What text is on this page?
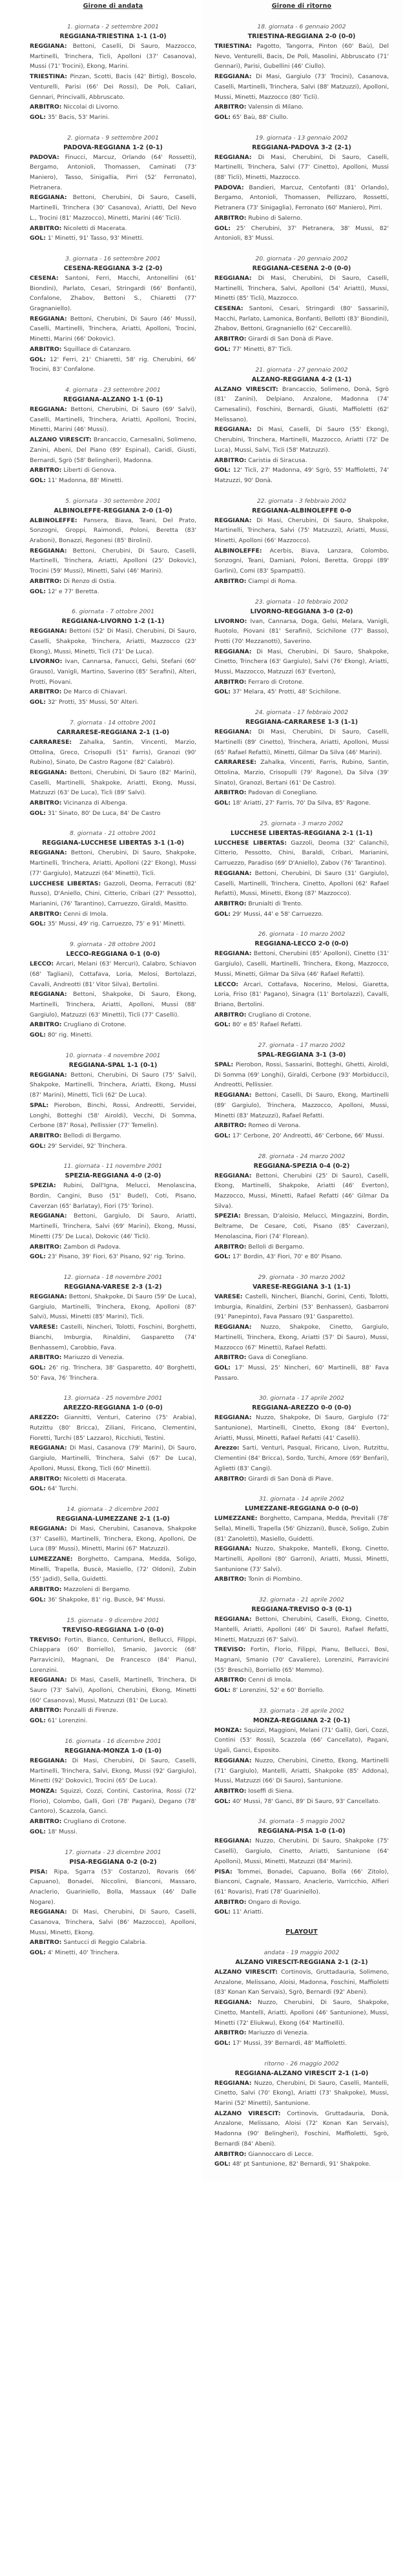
Girone di andata
1. giornata - 2 settembre 2001
REGGIANA-TRIESTINA 1-1 (1-0)
REGGIANA: Bettoni, Caselli, Di Sauro, Mazzocco, Martinelli, Trinchera, Ticli, Apolloni (37' Casanova), Mussi (71' Trocini), Ekong, Marini.
TRIESTINA: Pinzan, Scotti, Bacis (42' Birtig), Boscolo, Venturelli, Parisi (66' Dei Rossi), De Poli, Caliari, Gennari, Princivalli, Abbruscato.
ARBITRO: Niccolai di Livorno.
GOL: 35' Bacis, 53' Marini.
2. giornata - 9 settembre 2001
PADOVA-REGGIANA 1-2 (0-1)
PADOVA: Finucci, Marcuz, Orlando (64' Rossetti), Bergamo, Antonioli, Thomassen, Caminati (73' Maniero), Tasso, Sinigallia, Pirri (52' Ferronato), Pietranera.
REGGIANA: Bettoni, Cherubini, Di Sauro, Caselli, Martinelli, Trinchera (30' Casanova), Ariatti, Del Nevo L., Trocini (81' Mazzocco), Minetti, Marini (46' Ticli).
ARBITRO: Nicoletti di Macerata.
GOL: 1' Minetti, 91' Tasso, 93' Minetti.
3. giornata - 16 settembre 2001
CESENA-REGGIANA 3-2 (2-0)
CESENA: Santoni, Ferri, Macchi, Antonellini (61' Biondini), Parlato, Cesari, Stringardi (66' Bonfanti), Confalone, Zhabov, Bettoni S., Chiaretti (77' Gragnaniello).
REGGIANA: Bettoni, Cherubini, Di Sauro (46' Mussi), Caselli, Martinelli, Trinchera, Ariatti, Apolloni, Trocini, Minetti, Marini (66' Dokovic).
ARBITRO: Squillace di Catanzaro.
GOL: 12' Ferri, 21' Chiaretti, 58' rig. Cherubini, 66' Trocini, 83' Confalone.
4. giornata - 23 settembre 2001
REGGIANA-ALZANO 1-1 (0-1)
REGGIANA: Bettoni, Cherubini, Di Sauro (69' Salvi), Caselli, Martinelli, Trinchera, Ariatti, Apolloni, Trocini, Minetti, Marini (46' Mussi).
ALZANO VIRESCIT: Brancaccio, Carnesalini, Solimeno, Zanini, Abeni, Del Piano (89' Espinal), Caridi, Giusti, Bernardi, Sgrò (58' Belingheri), Madonna.
ARBITRO: Liberti di Genova.
GOL: 11' Madonna, 88' Minetti.
5. giornata - 30 settembre 2001
ALBINOLEFFE-REGGIANA 2-0 (1-0)
ALBINOLEFFE: Pansera, Biava, Teani, Del Prato, Sonzogni, Groppi, Raimondi, Poloni, Beretta (83' Araboni), Bonazzi, Regonesi (85' Birolini).
REGGIANA: Bettoni, Cherubini, Di Sauro, Caselli, Martinelli, Trinchera, Ariatti, Apolloni (25' Dokovic), Trocini (59' Mussi), Minetti, Salvi (46' Marini).
ARBITRO: Di Renzo di Ostia.
GOL: 12' e 77' Beretta.
6. giornata - 7 ottobre 2001
REGGIANA-LIVORNO 1-2 (1-1)
REGGIANA: Bettoni (52' Di Masi), Cherubini, Di Sauro, Caselli, Shakpoke, Trinchera, Ariatti, Mazzocco (23' Ekong), Mussi, Minetti, Ticli (71' De Luca).
LIVORNO: Ivan, Cannarsa, Fanucci, Gelsi, Stefani (60' Grauso), Vanigli, Martino, Saverino (85' Serafini), Alteri, Protti, Piovani.
ARBITRO: De Marco di Chiavari.
GOL: 32' Protti, 35' Mussi, 50' Alteri.
7. giornata - 14 ottobre 2001
CARRARESE-REGGIANA 2-1 (1-0)
CARRARESE: Zahalka, Santin, Vincenti, Marzio, Ottolina, Greco, Crisopulli (51' Farris), Granozi (90' Rubino), Sinato, De Castro Ragone (82' Calabrò).
REGGIANA: Bettoni, Cherubini, Di Sauro (82' Marini), Caselli, Martinelli, Shakpoke, Ariatti, Ekong, Mussi, Matzuzzi (63' De Luca), Ticli (89' Salvi).
ARBITRO: Vicinanza di Albenga.
GOL: 31' Sinato, 80' De Luca, 84' De Castro
8. giornata - 21 ottobre 2001
REGGIANA-LUCCHESE LIBERTAS 3-1 (1-0)
REGGIANA: Bettoni, Cherubini, Di Sauro, Shakpoke, Martinelli, Trinchera, Ariatti, Apolloni (22' Ekong), Mussi (77' Gargiulo), Matzuzzi (64' Minetti), Ticli.
LUCCHESE LIBERTAS: Gazzoli, Deoma, Ferracuti (82' Russo), D'Aniello, Chini, Citterio, Cribari (27' Pessotto), Marianini, (76' Tarantino), Carruezzo, Giraldi, Masitto.
ARBITRO: Cenni di Imola.
GOL: 35' Mussi, 49' rig. Carruezzo, 75' e 91' Minetti.
9. giornata - 28 ottobre 2001
LECCO-REGGIANA 0-1 (0-0)
LECCO: Arcari, Melani (63' Mercuri), Calabro, Schiavon (68' Tagliani), Cottafava, Loria, Melosi, Bortolazzi, Cavalli, Andreotti (81' Vitor Silva), Bertolini.
REGGIANA: Bettoni, Shakpoke, Di Sauro, Ekong, Martinelli, Trinchera, Ariatti, Apolloni, Mussi (88' Gargiulo), Matzuzzi (63' Minetti), Ticli (77' Caselli).
ARBITRO: Crugliano di Crotone.
GOL: 80' rig. Minetti.
10. giornata - 4 novembre 2001
REGGIANA-SPAL 1-1 (0-1)
REGGIANA: Bettoni, Cherubini, Di Sauro (75' Salvi), Shakpoke, Martinelli, Trinchera, Ariatti, Ekong, Mussi (87' Marini), Minetti, Ticli (62' De Luca).
SPAL: Pierobon, Binchi, Rossi, Andreotti, Servidei, Longhi, Botteghi (58' Airoldi), Vecchi, Di Somma, Cerbone (87' Rosa), Pellissier (77' Temelin).
ARBITRO: Bellodi di Bergamo.
GOL: 29' Servidei, 92' Trinchera.
11. giornata - 11 novembre 2001
SPEZIA-REGGIANA 4-0 (2-0)
SPEZIA: Rubini, Dall'Igna, Melucci, Menolascina, Bordin, Cangini, Buso (51' Budel), Coti, Pisano, Caverzan (65' Barlatay), Fiori (75' Torino).
REGGIANA: Bettoni, Gargiulo, Di Sauro, Ariatti, Martinelli, Trinchera, Salvi (69' Marini), Ekong, Mussi, Minetti (75' De Luca), Dokovic (46' Ticli).
ARBITRO: Zambon di Padova.
GOL: 23' Pisano, 39' Fiori, 63' Pisano, 92' rig. Torino.
12. giornata - 18 novembre 2001
REGGIANA-VARESE 2-3 (1-2)
REGGIANA: Bettoni, Shakpoke, Di Sauro (59' De Luca), Gargiulo, Martinelli, Trinchera, Ekong, Apolloni (87' Salvi), Mussi, Minetti (85' Marini), Ticli.
VARESE: Castelli, Nincheri, Tolotti, Foschini, Borghetti, Bianchi, Imburgia, Rinaldini, Gasparetto (74' Benhassem), Carobbio, Fava.
ARBITRO: Mariuzzo di Venezia.
GOL: 26' rig. Trinchera, 38' Gasparetto, 40' Borghetti, 50' Fava, 76' Trinchera.
13. giornata - 25 novembre 2001
AREZZO-REGGIANA 1-0 (0-0)
AREZZO: Giannitti, Venturi, Caterino (75' Arabia), Rutzittu (80' Bricca), Ziliani, Firicano, Clementini, Fioretti, Turchi (85' Lazzaro), Ricchiuti, Testini.
REGGIANA: Di Masi, Casanova (79' Marini), Di Sauro, Gargiulo, Martinelli, Trinchera, Salvi (67' De Luca), Apolloni, Mussi, Ekong, Ticli (60' Minetti).
ARBITRO: Nicoletti di Macerata.
GOL: 64' Turchi.
14. giornata - 2 dicembre 2001
REGGIANA-LUMEZZANE 2-1 (1-0)
REGGIANA: Di Masi, Cherubini, Casanova, Shakpoke (37' Caselli), Martinelli, Trinchera, Ekong, Apolloni, De Luca (89' Mussi), Minetti, Marini (67' Matzuzzi).
LUMEZZANE: Borghetto, Campana, Medda, Soligo, Minelli, Trapella, Buscè, Masiello, (72' Oldoni), Zubin (55' Jadid), Sella, Guidetti.
ARBITRO: Mazzoleni di Bergamo.
GOL: 36' Shakpoke, 81' rig. Buscè, 94' Mussi.
15. giornata - 9 dicembre 2001
TREVISO-REGGIANA 1-0 (0-0)
TREVISO: Fortin, Bianco, Centurioni, Bellucci, Filippi, Chiappara (60' Borriello), Smanio, Javorcic (68' Parravicini), Magnani, De Francesco (84' Pianu), Lorenzini.
REGGIANA: Di Masi, Caselli, Martinelli, Trinchera, Di Sauro (73' Salvi), Apolloni, Cherubini, Ekong, Minetti (60' Casanova), Mussi, Matzuzzi (81' De Luca).
ARBITRO: Ponzalli di Firenze.
GOL: 61' Lorenzini.
16. giornata - 16 dicembre 2001
REGGIANA-MONZA 1-0 (1-0)
REGGIANA: Di Masi, Cherubini, Di Sauro, Caselli, Martinelli, Trinchera, Salvi, Ekong, Mussi (92' Gargiulo), Minetti (92' Dokovic), Trocini (65' De Luca).
MONZA: Squizzi, Cozzi, Contini, Castorina, Rossi (72' Florio), Colombo, Galli, Gori (78' Pagani), Degano (78' Cantoro), Scazzola, Ganci.
ARBITRO: Crugliano di Crotone.
GOL: 18' Mussi.
17. giornata - 23 dicembre 2001
PISA-REGGIANA 0-2 (0-2)
PISA: Ripa, Sgarra (53' Costanzo), Rovaris (66' Capuano), Bonadei, Niccolini, Bianconi, Massaro, Anaclerio, Guariniello, Bolla, Massaux (46' Dalle Nogare).
REGGIANA: Di Masi, Cherubini, Di Sauro, Caselli, Casanova, Trinchera, Salvi (86' Mazzocco), Apolloni, Mussi, Minetti, Ekong.
ARBITRO: Santucci di Reggio Calabria.
GOL: 4' Minetti, 40' Trinchera.
Girone di ritorno
18. giornata - 6 gennaio 2002
TRIESTINA-REGGIANA 2-0 (0-0)
TRIESTINA: Pagotto, Tangorra, Pinton (60' Baù), Del Nevo, Venturelli, Bacis, De Poli, Masolini, Abbruscato (71' Gennari), Parisi, Gubellini (46' Ciullo).
REGGIANA: Di Masi, Gargiulo (73' Trocini), Casanova, Caselli, Martinelli, Trinchera, Salvi (88' Matzuzzi), Apolloni, Mussi, Minetti, Mazzocco (80' Ticli).
ARBITRO: Valensin di Milano.
GOL: 65' Baù, 88' Ciullo.
19. giornata - 13 gennaio 2002
REGGIANA-PADOVA 3-2 (2-1)
REGGIANA: Di Masi, Cherubini, Di Sauro, Caselli, Martinelli, Trinchera, Salvi (77' Cinetto), Apolloni, Mussi (88' Ticli), Minetti, Mazzocco.
PADOVA: Bandieri, Marcuz, Centofanti (81' Orlando), Bergamo, Antonioli, Thomassen, Pellizzaro, Rossetti, Pietranera (73' Sinigaglia), Ferronato (60' Maniero), Pirri.
ARBITRO: Rubino di Salerno.
GOL: 25' Cherubini, 37' Pietranera, 38' Mussi, 82' Antonioli, 83' Mussi.
20. giornata - 20 gennaio 2002
REGGIANA-CESENA 2-0 (0-0)
REGGIANA: Di Masi, Cherubini, Di Sauro, Caselli, Martinelli, Trinchera, Salvi, Apolloni (54' Ariatti), Mussi, Minetti (85' Ticli), Mazzocco.
CESENA: Santoni, Cesari, Stringardi (80' Sassarini), Macchi, Parlato, Lamonica, Bonfanti, Bellotti (83' Biondini), Zhabov, Bettoni, Gragnaniello (62' Ceccarelli).
ARBITRO: Girardi di San Donà di Piave.
GOL: 77' Minetti, 87' Ticli.
21. giornata - 27 gennaio 2002
ALZANO-REGGIANA 4-2 (1-1)
ALZANO VIRESCIT: Brancaccio, Solimeno, Donà, Sgrò (81' Zanini), Delpiano, Anzalone, Madonna (74' Carnesalini), Foschini, Bernardi, Giusti, Maffioletti (62' Melissano).
REGGIANA: Di Masi, Caselli, Di Sauro (55' Ekong), Cherubini, Trinchera, Martinelli, Mazzocco, Ariatti (72' De Luca), Mussi, Salvi, Ticli (58' Matzuzzi).
ARBITRO: Caristia di Siracusa.
GOL: 12' Ticli, 27' Madonna, 49' Sgrò, 55' Maffioletti, 74' Matzuzzi, 90' Donà.
22. giornata - 3 febbraio 2002
REGGIANA-ALBINOLEFFE 0-0
REGGIANA: Di Masi, Cherubini, Di Sauro, Shakpoke, Martinelli, Trinchera, Salvi (75' Matzuzzi), Ariatti, Mussi, Minetti, Apolloni (66' Mazzocco).
ALBINOLEFFE: Acerbis, Biava, Lanzara, Colombo, Sonzogni, Teani, Damiani, Poloni, Beretta, Groppi (89' Garlini), Comi (83' Spampatti).
ARBITRO: Ciampi di Roma.
23. giornata - 10 febbraio 2002
LIVORNO-REGGIANA 3-0 (2-0)
LIVORNO: Ivan, Cannarsa, Doga, Gelsi, Melara, Vanigli, Ruotolo, Piovani (81' Serafini), Scichilone (77' Basso), Protti (70' Mezzanotti), Saverino.
REGGIANA: Di Masi, Cherubini, Di Sauro, Shakpoke, Cinetto, Trinchera (63' Gargiulo), Salvi (76' Ekong), Ariatti, Mussi, Mazzocco, Matzuzzi (63' Everton),
ARBITRO: Ferraro di Crotone.
GOL: 37' Melara, 45' Protti, 48' Scichilone.
24. giornata - 17 febbraio 2002
REGGIANA-CARRARESE 1-3 (1-1)
REGGIANA: Di Masi, Cherubini, Di Sauro, Caselli, Martinelli (89' Cinetto), Trinchera, Ariatti, Apolloni, Mussi (65' Rafael Refatti), Minetti, Gilmar Da Silva (46' Marini).
CARRARESE: Zahalka, Vincenti, Farris, Rubino, Santin, Ottolina, Marzio, Crisopulli (79' Ragone), Da Silva (39' Sinato), Granozi, Bertani (61' De Castro).
ARBITRO: Padovan di Conegliano.
GOL: 18' Ariatti, 27' Farris, 70' Da Silva, 85' Ragone.
25. giornata - 3 marzo 2002
LUCCHESE LIBERTAS-REGGIANA 2-1 (1-1)
LUCCHESE LIBERTAS: Gazzoli, Deoma (32' Calanchi), Citterio, Pessotto, Chini, Baraldi, Cribari, Marianini, Carruezzo, Paradiso (69' D'Aniello), Zabov (76' Tarantino).
REGGIANA: Bettoni, Cherubini, Di Sauro (31' Gargiulo), Caselli, Martinelli, Trinchera, Cinetto, Apolloni (62' Rafael Refatti), Mussi, Minetti, Ekong (87' Mazzocco).
ARBITRO: Brunialti di Trento.
GOL: 29' Mussi, 44' e 58' Carruezzo.
26. giornata - 10 marzo 2002
REGGIANA-LECCO 2-0 (0-0)
REGGIANA: Bettoni, Cherubini (85' Apolloni), Cinetto (31' Gargiulo), Caselli, Martinelli, Trinchera, Ekong, Mazzocco, Mussi, Minetti, Gilmar Da Silva (46' Rafael Refatti).
LECCO: Arcari, Cottafava, Nocerino, Melosi, Giaretta, Loria, Friso (81' Pagano), Sinagra (11' Bortolazzi), Cavalli, Briano, Bertolini.
ARBITRO: Crugliano di Crotone.
GOL: 80' e 85' Rafael Refatti.
27. giornata - 17 marzo 2002
SPAL-REGGIANA 3-1 (3-0)
SPAL: Pierobon, Rossi, Sassarini, Botteghi, Ghetti, Airoldi, Di Somma (69' Longhi), Giraldi, Cerbone (93' Morbiducci), Andreotti, Pellissier.
REGGIANA: Bettoni, Caselli, Di Sauro, Ekong, Martinelli (89' Gargiulo), Trinchera, Mazzocco, Apolloni, Mussi, Minetti (83' Matzuzzi), Rafael Refatti.
ARBITRO: Romeo di Verona.
GOL: 17' Cerbone, 20' Andreotti, 46' Cerbone, 66' Mussi.
28. giornata - 24 marzo 2002
REGGIANA-SPEZIA 0-4 (0-2)
REGGIANA: Bettoni, Cherubini (25' Di Sauro), Caselli, Ekong, Martinelli, Shakpoke, Ariatti (46' Everton), Mazzocco, Mussi, Minetti, Rafael Refatti (46' Gilmar Da Silva).
SPEZIA: Bressan, D'aloisio, Melucci, Mingazzini, Bordin, Beltrame, De Cesare, Coti, Pisano (85' Caverzan), Menolascina, Fiori (74' Florean).
ARBITRO: Belloli di Bergamo.
GOL: 17' Bordin, 43' Fiori, 70' e 80' Pisano.
29. giornata - 30 marzo 2002
VARESE-REGGIANA 3-1 (1-1)
VARESE: Castelli, Nincheri, Bianchi, Gorini, Centi, Tolotti, Imburgia, Rinaldini, Zerbini (53' Benhassen), Gasbarroni (91' Panepinto), Fava Passaro (91' Gasparetto).
REGGIANA: Nuzzo, Shakpoke, Cinetto, Gargiulo, Martinelli, Trinchera, Ekong, Ariatti (57' Di Sauro), Mussi, Mazzocco (67' Minetti), Rafael Refatti.
ARBITRO: Gava di Conegliano.
GOL: 17' Mussi, 25' Nincheri, 60' Martinelli, 88' Fava Passaro.
30. giornata - 17 aprile 2002
REGGIANA-AREZZO 0-0 (0-0)
REGGIANA: Nuzzo, Shakpoke, Di Sauro, Gargiulo (72' Santunione), Martinelli, Cinetto, Ekong (84' Everton), Ariatti, Mussi, Minetti, Rafael Refatti (41' Caselli).
Arezzo: Sarti, Venturi, Pasqual, Firicano, Livon, Rutzittu, Clementini (84' Bricca), Sordo, Turchi, Amore (69' Benfari), Aglietti (83' Cangi).
ARBITRO: Girardi di San Donà di Piave.
31. giornata - 14 aprile 2002
LUMEZZANE-REGGIANA 0-0 (0-0)
LUMEZZANE: Borghetto, Campana, Medda, Previtali (78' Sella), Minelli, Trapella (56' Ghizzani), Buscè, Soligo, Zubin (81' Zanoletti), Masiello, Guidetti.
REGGIANA: Nuzzo, Shakpoke, Mantelli, Ekong, Cinetto, Martinelli, Apolloni (80' Garroni), Ariatti, Mussi, Minetti, Santunione (73' Salvi).
ARBITRO: Tonin di Piombino.
32. giornata - 21 aprile 2002
REGGIANA-TREVISO 0-3 (0-1)
REGGIANA: Bettoni, Cherubini, Caselli, Ekong, Cinetto, Mantelli, Ariatti, Apolloni (46' Di Sauro), Rafael Refatti, Minetti, Matzuzzi (67' Salvi).
TREVISO: Fortin, Florio, Filippi, Pianu, Bellucci, Bosi, Magnani, Smanio (70' Cavaliere), Lorenzini, Parravicini (55' Breschi), Borriello (65' Memmo).
ARBITRO: Cenni di Imola.
GOL: 8' Lorenzini, 52' e 60' Borriello.
33. giornata - 28 aprile 2002
MONZA-REGGIANA 2-2 (0-1)
MONZA: Squizzi, Maggioni, Melani (71' Galli), Gori, Cozzi, Contini (53' Rossi), Scazzola (66' Cancellato), Pagani, Ugali, Ganci, Esposito.
REGGIANA: Nuzzo, Cherubini, Cinetto, Ekong, Martinelli (71' Gargiulo), Mantelli, Ariatti, Shakpoke (85' Addona), Mussi, Matzuzzi (66' Di Sauro), Santunione.
ARBITRO: Ioseffi di Siena.
GOL: 40' Mussi, 78' Ganci, 89' Di Sauro, 93' Cancellato.
34. giornata - 5 maggio 2002
REGGIANA-PISA 1-0 (1-0)
REGGIANA: Nuzzo, Cherubini, Di Sauro, Shakpoke (75' Caselli), Gargiulo, Cinetto, Ariatti, Santunione (64' Apolloni), Mussi, Minetti, Matzuzzi (84' Marini).
PISA: Tommei, Bonadei, Capuano, Bolla (66' Zitolo), Bianconi, Cagnale, Massaro, Anaclerio, Varricchio, Alfieri (61' Rovaris), Frati (78' Guariniello).
ARBITRO: Ongaro di Rovigo.
GOL: 11' Ariatti.
PLAYOUT
andata - 19 maggio 2002
ALZANO VIRESCIT-REGGIANA 2-1 (2-1)
ALZANO VIRESCIT: Cortinovis, Gruttadauria, Solimeno, Anzalone, Melissano, Aloisi, Madonna, Foschini, Maffioletti (83' Konan Kan Servais), Sgrò, Bernardi (92' Abeni).
REGGIANA: Nuzzo, Cherubini, Di Sauro, Shakpoke, Cinetto, Mantelli, Ariatti, Apolloni (46' Santunione), Mussi, Minetti (72' Eliukwu), Ekong (64' Martinelli).
ARBITRO: Mariuzzo di Venezia.
GOL: 17' Mussi, 39' Bernardi, 48' Maffioletti.
ritorno - 26 maggio 2002
REGGIANA-ALZANO VIRESCIT 2-1 (1-0)
REGGIANA: Nuzzo, Cherubini, Di Sauro, Caselli, Mantelli, Cinetto, Salvi (70' Ekong), Ariatti (73' Shakpoke), Mussi, Marini (52' Minetti), Santunione.
ALZANO VIRESCIT: Cortinovis, Gruttadauria, Donà, Anzalone, Melissano, Aloisi (72' Konan Kan Servais), Madonna (90' Belingheri), Foschini, Maffioletti, Sgrò, Bernardi (84' Abeni).
ARBITRO: Giannoccaro di Lecce.
GOL: 48' pt Santunione, 82' Bernardi, 91' Shakpoke.
